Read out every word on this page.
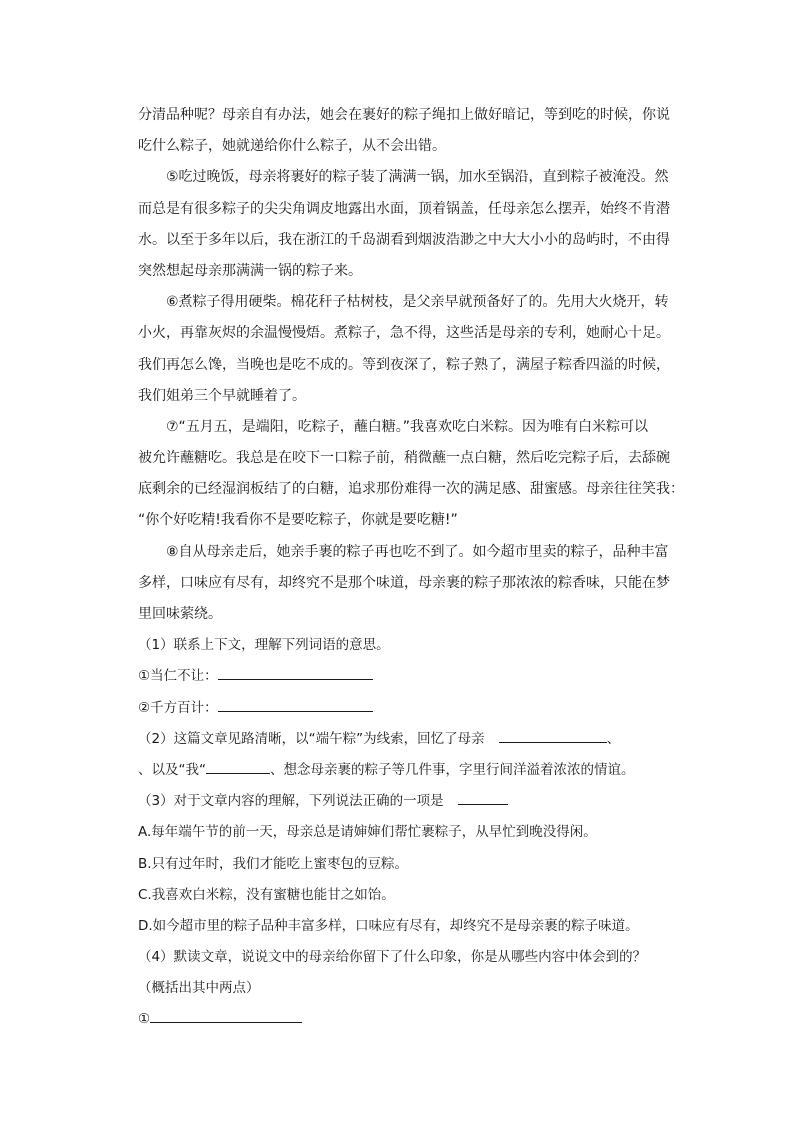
分清品种呢？母亲自有办法，她会在裹好的粽子绳扣上做好暗记，等到吃的时候，你说
吃什么粽子，她就递给你什么粽子，从不会出错。
⑤吃过晚饭，母亲将裹好的粽子装了满满一锅，加水至锅沿，直到粽子被淹没。然
而总是有很多粽子的尖尖角调皮地露出水面，顶着锅盖，任母亲怎么摆弄，始终不肯潜
水。以至于多年以后，我在浙江的千岛湖看到烟波浩渺之中大大小小的岛屿时，不由得
突然想起母亲那满满一锅的粽子来。
⑥煮粽子得用硬柴。棉花秆子枯树枝，是父亲早就预备好了的。先用大火烧开，转
小火，再靠灰烬的余温慢慢焐。煮粽子，急不得，这些活是母亲的专利，她耐心十足。
我们再怎么馋，当晚也是吃不成的。等到夜深了，粽子熟了，满屋子粽香四溢的时候，
我们姐弟三个早就睡着了。
⑦“五月五，是端阳，吃粽子，蘸白糖。”我喜欢吃白米粽。因为唯有白米粽可以
被允许蘸糖吃。我总是在咬下一口粽子前，稍微蘸一点白糖，然后吃完粽子后，去舔碗
底剩余的已经湿润板结了的白糖，追求那份难得一次的满足感、甜蜜感。母亲往往笑我：
“你个好吃精!我看你不是要吃粽子，你就是要吃糖!”
⑧自从母亲走后，她亲手裹的粽子再也吃不到了。如今超市里卖的粽子，品种丰富
多样，口味应有尽有，却终究不是那个味道，母亲裹的粽子那浓浓的粽香味，只能在梦
里回味萦绕。
（1）联系上下文，理解下列词语的意思。
①当仁不让：
②千方百计：
（2）这篇文章见路清晰，以“端午粽”为线索，回忆了母亲	、
、以及“我“	、想念母亲裹的粽子等几件事，字里行间洋溢着浓浓的情谊。
（3）对于文章内容的理解，下列说法正确的一项是
A.每年端午节的前一天，母亲总是请婶婶们帮忙裹粽子，从早忙到晚没得闲。
B.只有过年时，我们才能吃上蜜枣包的豆粽。
C.我喜欢白米粽，没有蜜糖也能甘之如饴。
D.如今超市里的粽子品种丰富多样，口味应有尽有，却终究不是母亲裹的粽子味道。
（4）默读文章，说说文中的母亲给你留下了什么印象，你是从哪些内容中体会到的？
（概括出其中两点）
①
